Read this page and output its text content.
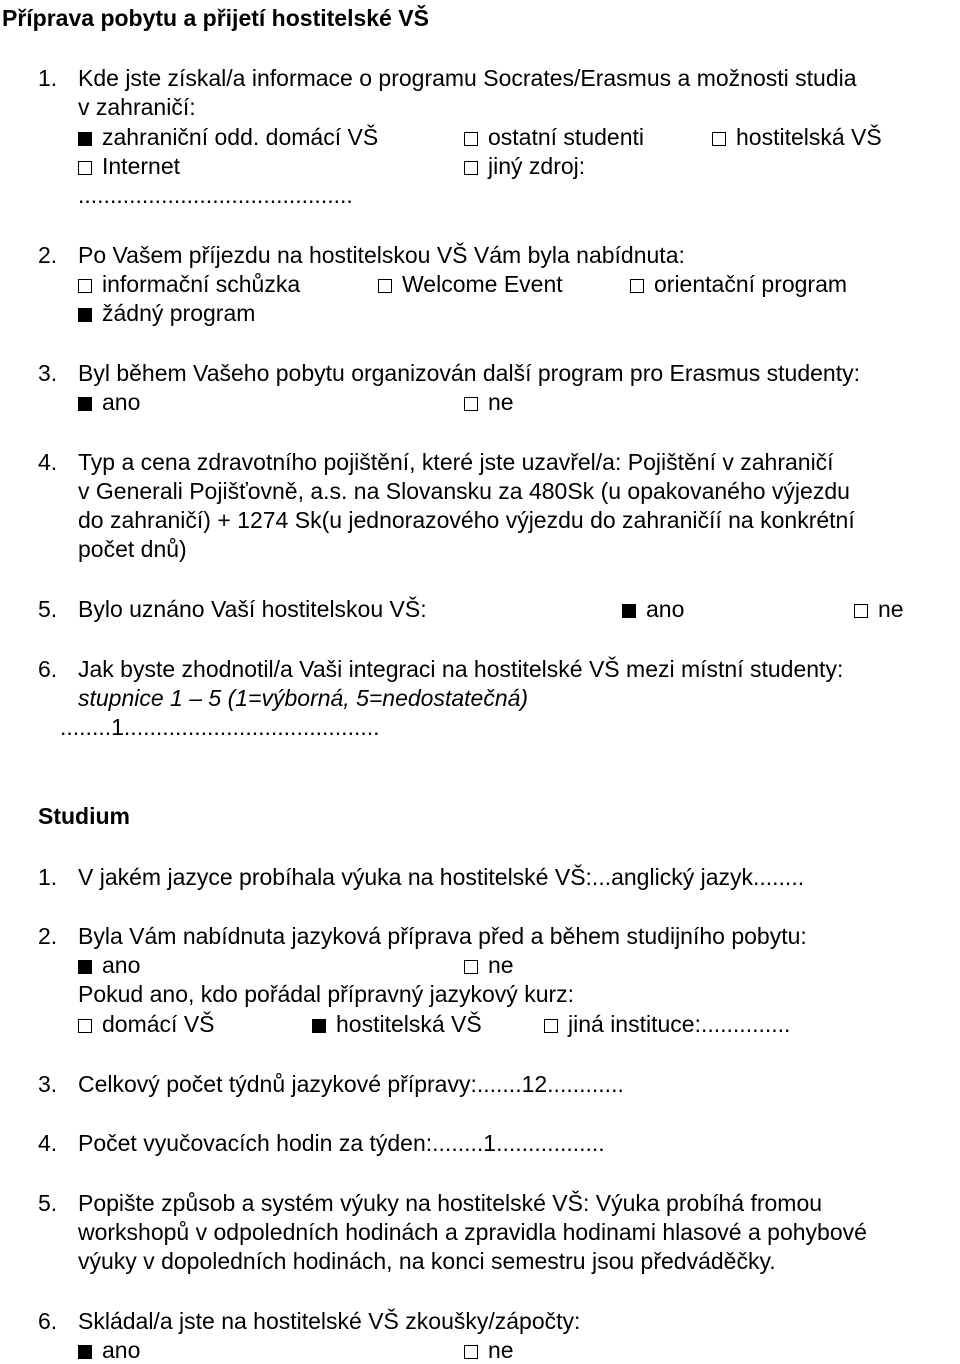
Příprava pobytu a přijetí hostitelské VŠ
1. Kde jste získal/a informace o programu Socrates/Erasmus a možnosti studia
v zahraničí:
zahraniční odd. domácí VŠ	ostatní studenti	hostitelská VŠ
Internet	jiný zdroj:
...........................................
2. Po Vašem příjezdu na hostitelskou VŠ Vám byla nabídnuta:
informační schůzka	Welcome Event	orientační program
žádný program
3. Byl během Vašeho pobytu organizován další program pro Erasmus studenty:
ano	ne
4. Typ a cena zdravotního pojištění, které jste uzavřel/a: Pojištění v zahraničí
v Generali Pojišťovně, a.s. na Slovansku za 480Sk (u opakovaného výjezdu
do zahraničí) + 1274 Sk(u jednorazového výjezdu do zahraničíí na konkrétní
počet dnů)
5. Bylo uznáno Vaší hostitelskou VŠ:	ano	ne
6. Jak byste zhodnotil/a Vaši integraci na hostitelské VŠ mezi místní studenty:
stupnice 1 – 5 (1=výborná, 5=nedostatečná)
........1........................................
Studium
1. V jakém jazyce probíhala výuka na hostitelské VŠ:...anglický jazyk........
2. Byla Vám nabídnuta jazyková příprava před a během studijního pobytu:
ano	ne
Pokud ano, kdo pořádal přípravný jazykový kurz:
domácí VŠ	hostitelská VŠ	jiná instituce:..............
3. Celkový počet týdnů jazykové přípravy:.......12............
4. Počet vyučovacích hodin za týden:........1.................
5. Popište způsob a systém výuky na hostitelské VŠ: Výuka probíhá fromou
workshopů v odpoledních hodinách a zpravidla hodinami hlasové a pohybové
výuky v dopoledních hodinách, na konci semestru jsou předváděčky.
6. Skládal/a jste na hostitelské VŠ zkoušky/zápočty:
ano	ne
